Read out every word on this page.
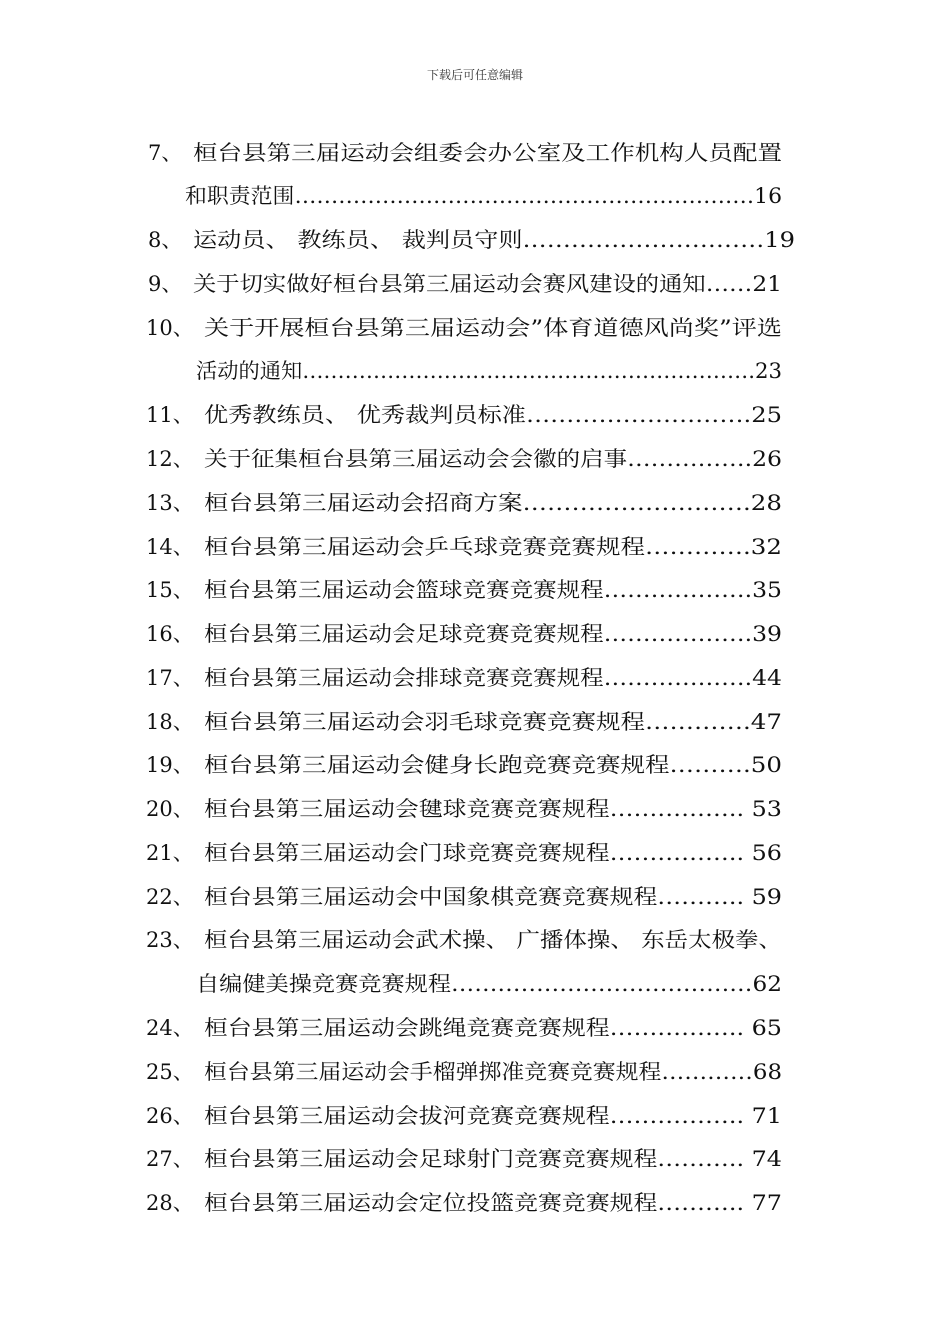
下载后可任意编辑
7、 桓台县第三届运动会组委会办公室及工作机构人员配置
和职责范围………………………………………………………16
8、 运动员、 教练员、 裁判员守则…………………………19
9、 关于切实做好桓台县第三届运动会赛风建设的通知……21
10、 关于开展桓台县第三届运动会”体育道德风尚奖”评选
活动的通知……………………………………………………….23
11、 优秀教练员、 优秀裁判员标准……………………….25
12、 关于征集桓台县第三届运动会会徽的启事…………….26
13、 桓台县第三届运动会招商方案……………………….28
14、 桓台县第三届运动会乒乓球竞赛竞赛规程………….32
15、 桓台县第三届运动会篮球竞赛竞赛规程……………….35
16、 桓台县第三届运动会足球竞赛竞赛规程……………….39
17、 桓台县第三届运动会排球竞赛竞赛规程……………….44
18、 桓台县第三届运动会羽毛球竞赛竞赛规程………….47
19、 桓台县第三届运动会健身长跑竞赛竞赛规程……….50
20、 桓台县第三届运动会毽球竞赛竞赛规程…………….. 53
21、 桓台县第三届运动会门球竞赛竞赛规程…………….. 56
22、 桓台县第三届运动会中国象棋竞赛竞赛规程……….. 59
23、 桓台县第三届运动会武术操、 广播体操、 东岳太极拳、
自编健美操竞赛竞赛规程…………………………………62
24、 桓台县第三届运动会跳绳竞赛竞赛规程…………….. 65
25、 桓台县第三届运动会手榴弹掷准竞赛竞赛规程…………68
26、 桓台县第三届运动会拔河竞赛竞赛规程…………….. 71
27、 桓台县第三届运动会足球射门竞赛竞赛规程……….. 74
28、 桓台县第三届运动会定位投篮竞赛竞赛规程……….. 77
